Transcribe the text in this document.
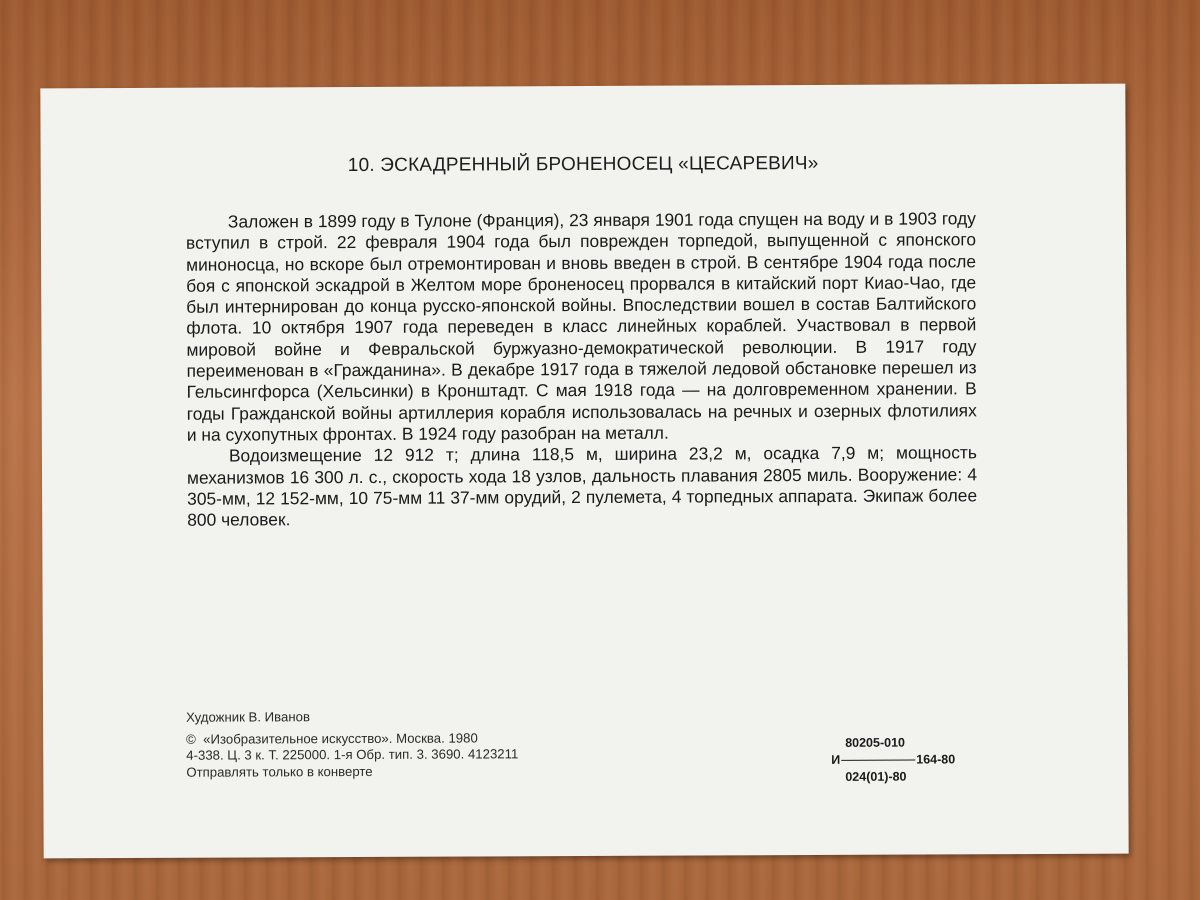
10. ЭСКАДРЕННЫЙ БРОНЕНОСЕЦ «ЦЕСАРЕВИЧ»

Заложен в 1899 году в Тулоне (Франция), 23 января 1901 года спущен на воду и в 1903 году вступил в строй. 22 февраля 1904 года был поврежден торпедой, выпущенной с японского миноносца, но вскоре был отремонтирован и вновь введен в строй. В сентябре 1904 года после боя с японской эскадрой в Желтом море броненосец прорвался в китайский порт Киао-Чао, где был интернирован до конца русско-японской войны. Впоследствии вошел в состав Балтийского флота. 10 октября 1907 года переведен в класс линейных кораблей. Участвовал в первой мировой войне и Февральской буржуазно-демократической революции. В 1917 году переименован в «Гражданина». В декабре 1917 года в тяжелой ледовой обстановке перешел из Гельсингфорса (Хельсинки) в Кронштадт. С мая 1918 года — на долговременном хранении. В годы Гражданской войны артиллерия корабля использовалась на речных и озерных флотилиях и на сухопутных фронтах. В 1924 году разобран на металл.

Водоизмещение 12 912 т; длина 118,5 м, ширина 23,2 м, осадка 7,9 м; мощность механизмов 16 300 л. с., скорость хода 18 узлов, дальность плавания 2805 миль. Вооружение: 4 305-мм, 12 152-мм, 10 75-мм 11 37-мм орудий, 2 пулемета, 4 торпедных аппарата. Экипаж более 800 человек.

Художник В. Иванов
© «Изобразительное искусство». Москва. 1980
4-338. Ц. 3 к. Т. 225000. 1-я Обр. тип. 3. 3690. 4123211
Отправлять только в конверте
80205-010
И	164-80
024(01)-80
